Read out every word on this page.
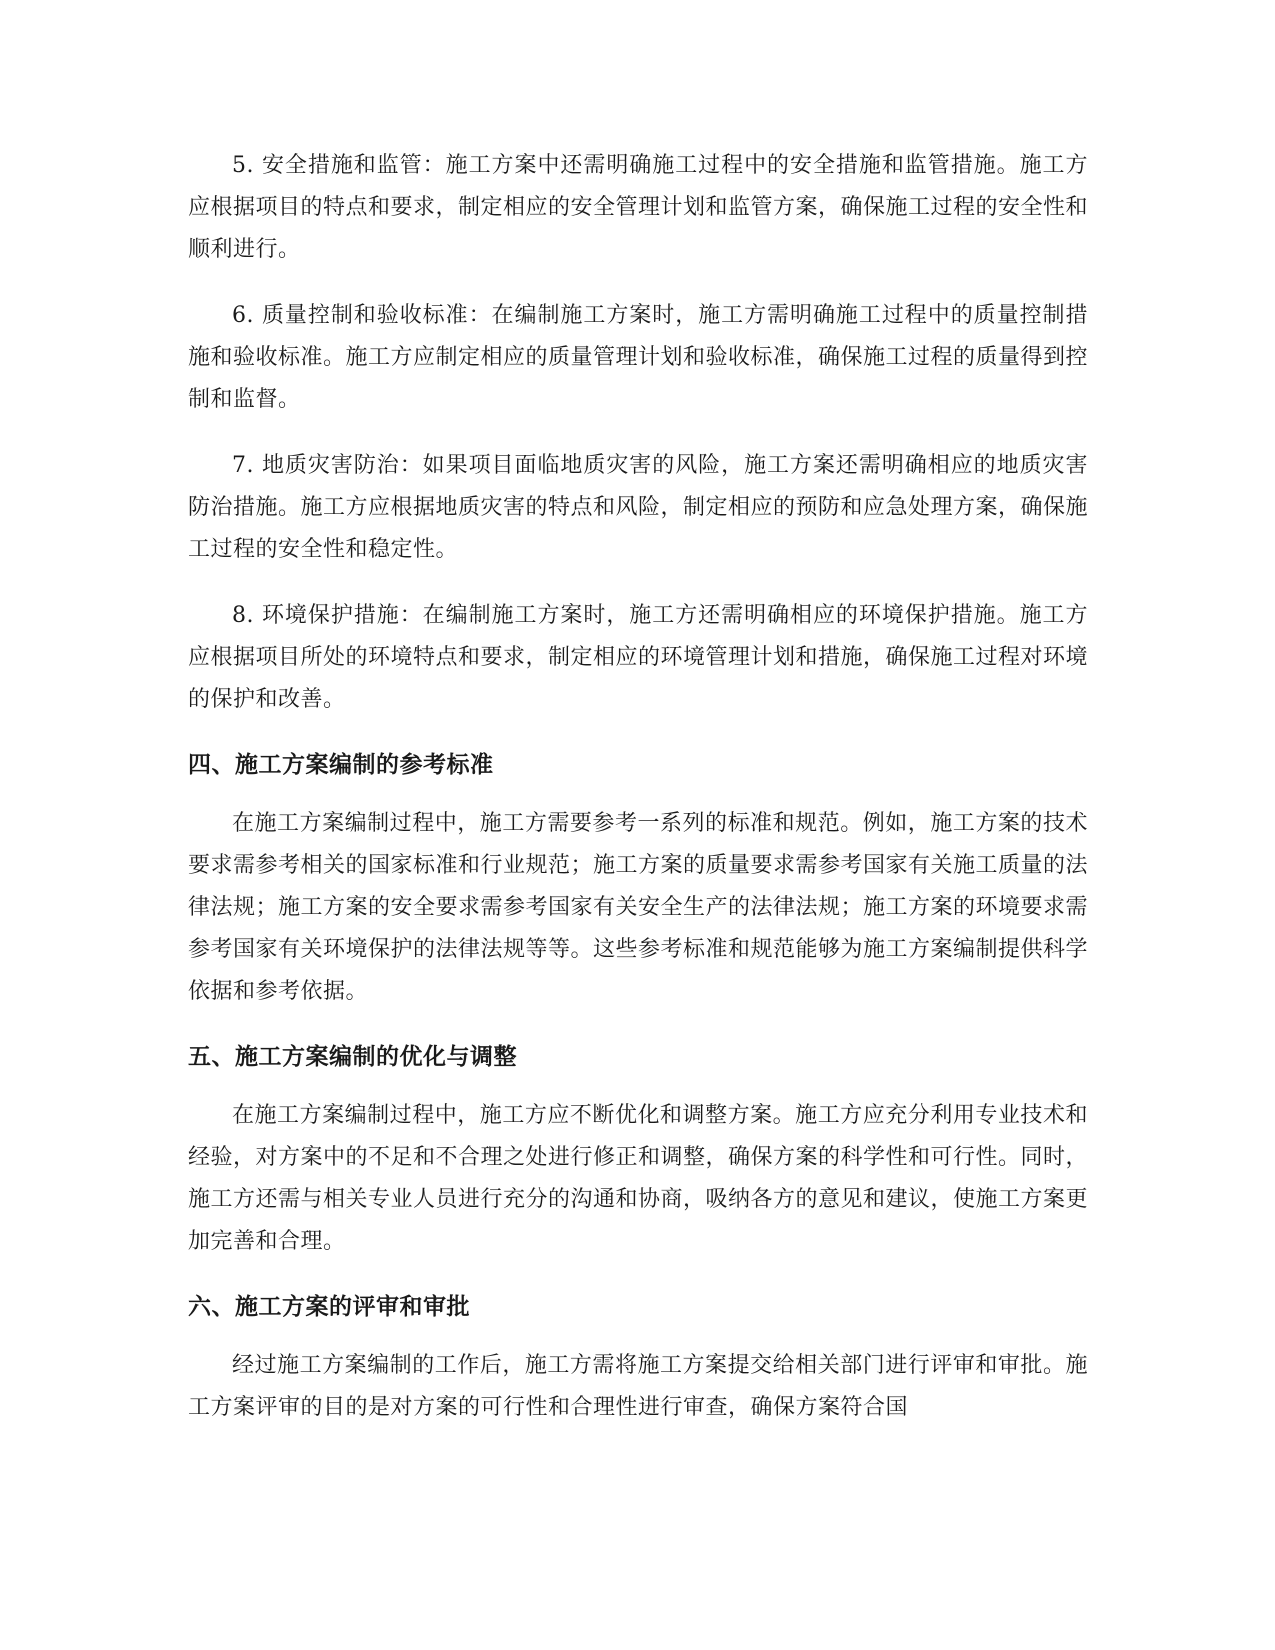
5. 安全措施和监管：施工方案中还需明确施工过程中的安全措施和监管措施。施工方应根据项目的特点和要求，制定相应的安全管理计划和监管方案，确保施工过程的安全性和顺利进行。

6. 质量控制和验收标准：在编制施工方案时，施工方需明确施工过程中的质量控制措施和验收标准。施工方应制定相应的质量管理计划和验收标准，确保施工过程的质量得到控制和监督。

7. 地质灾害防治：如果项目面临地质灾害的风险，施工方案还需明确相应的地质灾害防治措施。施工方应根据地质灾害的特点和风险，制定相应的预防和应急处理方案，确保施工过程的安全性和稳定性。

8. 环境保护措施：在编制施工方案时，施工方还需明确相应的环境保护措施。施工方应根据项目所处的环境特点和要求，制定相应的环境管理计划和措施，确保施工过程对环境的保护和改善。

四、施工方案编制的参考标准

在施工方案编制过程中，施工方需要参考一系列的标准和规范。例如，施工方案的技术要求需参考相关的国家标准和行业规范；施工方案的质量要求需参考国家有关施工质量的法律法规；施工方案的安全要求需参考国家有关安全生产的法律法规；施工方案的环境要求需参考国家有关环境保护的法律法规等等。这些参考标准和规范能够为施工方案编制提供科学依据和参考依据。

五、施工方案编制的优化与调整

在施工方案编制过程中，施工方应不断优化和调整方案。施工方应充分利用专业技术和经验，对方案中的不足和不合理之处进行修正和调整，确保方案的科学性和可行性。同时，施工方还需与相关专业人员进行充分的沟通和协商，吸纳各方的意见和建议，使施工方案更加完善和合理。

六、施工方案的评审和审批

经过施工方案编制的工作后，施工方需将施工方案提交给相关部门进行评审和审批。施工方案评审的目的是对方案的可行性和合理性进行审查，确保方案符合国
